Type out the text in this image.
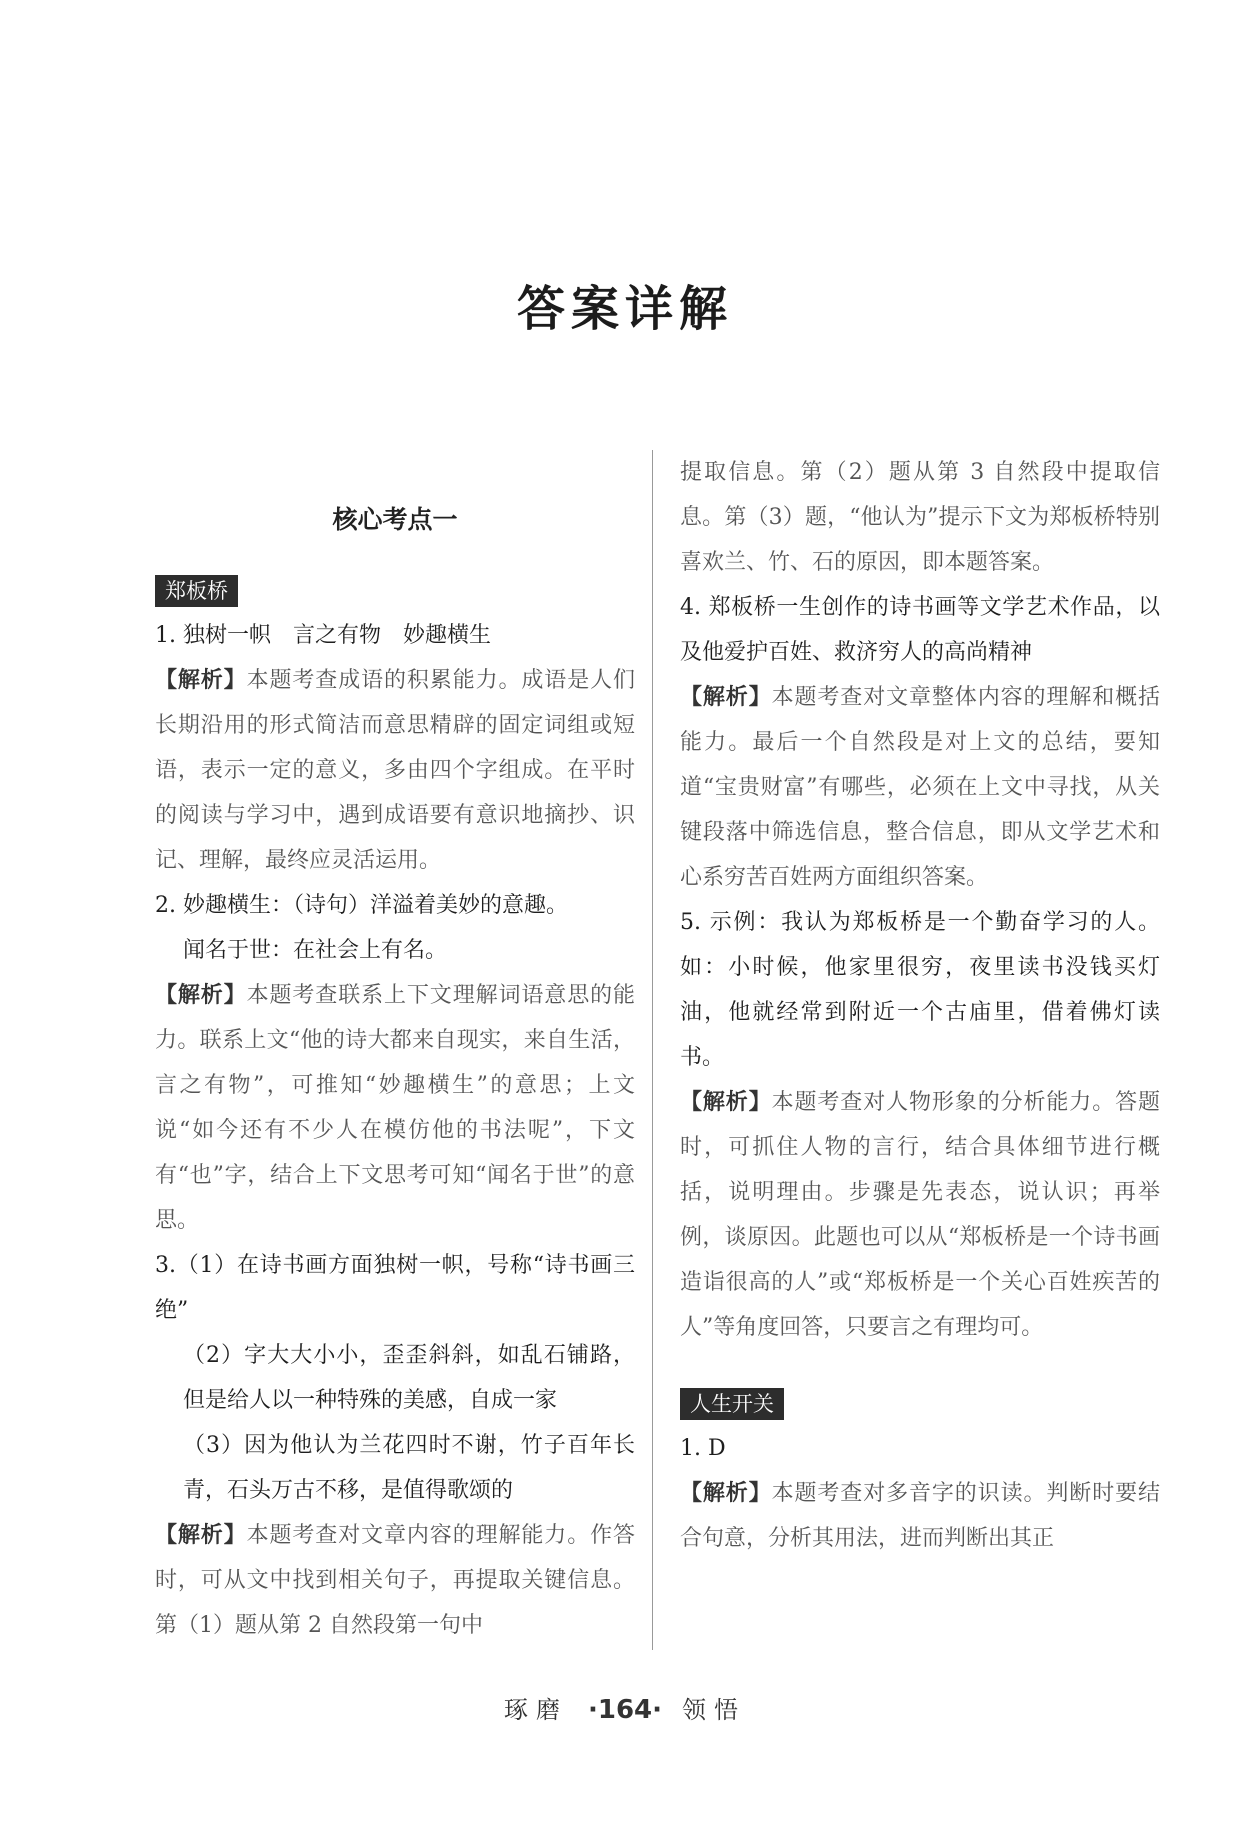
答案详解
核心考点一
郑板桥

1. 独树一帜　言之有物　妙趣横生

【解析】本题考查成语的积累能力。成语是人们长期沿用的形式简洁而意思精辟的固定词组或短语，表示一定的意义，多由四个字组成。在平时的阅读与学习中，遇到成语要有意识地摘抄、识记、理解，最终应灵活运用。

2. 妙趣横生：（诗句）洋溢着美妙的意趣。

闻名于世：在社会上有名。

【解析】本题考查联系上下文理解词语意思的能力。联系上文“他的诗大都来自现实，来自生活，言之有物”，可推知“妙趣横生”的意思；上文说“如今还有不少人在模仿他的书法呢”，下文有“也”字，结合上下文思考可知“闻名于世”的意思。

3.（1）在诗书画方面独树一帜，号称“诗书画三绝”

（2）字大大小小，歪歪斜斜，如乱石铺路，但是给人以一种特殊的美感，自成一家

（3）因为他认为兰花四时不谢，竹子百年长青，石头万古不移，是值得歌颂的

【解析】本题考查对文章内容的理解能力。作答时，可从文中找到相关句子，再提取关键信息。第（1）题从第 2 自然段第一句中

提取信息。第（2）题从第 3 自然段中提取信息。第（3）题，“他认为”提示下文为郑板桥特别喜欢兰、竹、石的原因，即本题答案。

4. 郑板桥一生创作的诗书画等文学艺术作品，以及他爱护百姓、救济穷人的高尚精神

【解析】本题考查对文章整体内容的理解和概括能力。最后一个自然段是对上文的总结，要知道“宝贵财富”有哪些，必须在上文中寻找，从关键段落中筛选信息，整合信息，即从文学艺术和心系穷苦百姓两方面组织答案。

5. 示例：我认为郑板桥是一个勤奋学习的人。如：小时候，他家里很穷，夜里读书没钱买灯油，他就经常到附近一个古庙里，借着佛灯读书。

【解析】本题考查对人物形象的分析能力。答题时，可抓住人物的言行，结合具体细节进行概括，说明理由。步骤是先表态，说认识；再举例，谈原因。此题也可以从“郑板桥是一个诗书画造诣很高的人”或“郑板桥是一个关心百姓疾苦的人”等角度回答，只要言之有理均可。

人生开关

1. D

【解析】本题考查对多音字的识读。判断时要结合句意，分析其用法，进而判断出其正

琢磨 ·164· 领悟
